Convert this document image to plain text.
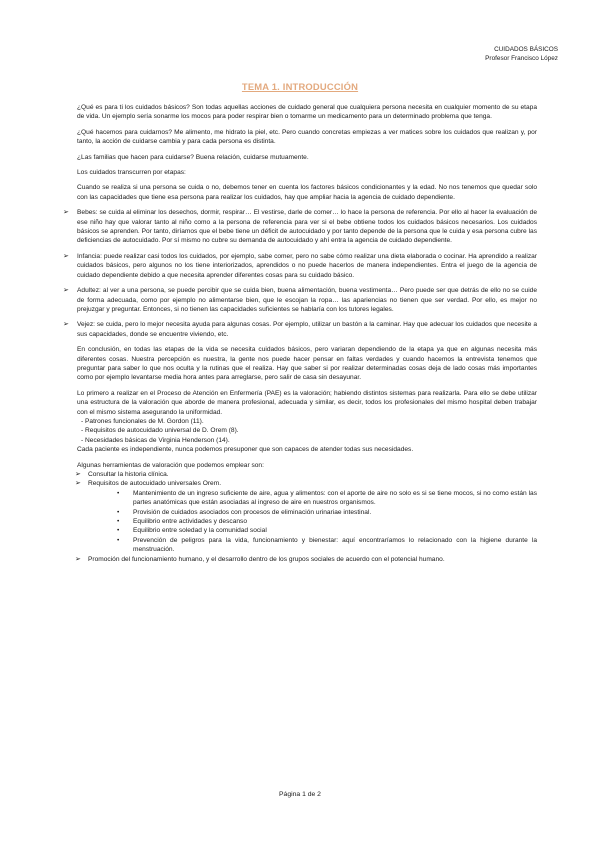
CUIDADOS BÁSICOS
Profesor Francisco López
TEMA 1. INTRODUCCIÓN

¿Qué es para ti los cuidados básicos? Son todas aquellas acciones de cuidado general que cualquiera persona necesita en cualquier momento de su etapa de vida. Un ejemplo sería sonarme los mocos para poder respirar bien o tomarme un medicamento para un determinado problema que tenga.

¿Qué hacemos para cuidarnos? Me alimento, me hidrato la piel, etc. Pero cuando concretas empiezas a ver matices sobre los cuidados que realizan y, por tanto, la acción de cuidarse cambia y para cada persona es distinta.

¿Las familias que hacen para cuidarse? Buena relación, cuidarse mutuamente.

Los cuidados transcurren por etapas:

Cuando se realiza si una persona se cuida o no, debemos tener en cuenta los factores básicos condicionantes y la edad. No nos tenemos que quedar solo con las capacidades que tiene esa persona para realizar los cuidados, hay que ampliar hacia la agencia de cuidado dependiente.

➢ Bebes: se cuida al eliminar los desechos, dormir, respirar… El vestirse, darle de comer… lo hace la persona de referencia. Por ello al hacer la evaluación de ese niño hay que valorar tanto al niño como a la persona de referencia para ver si el bebe obtiene todos los cuidados básicos necesarios. Los cuidados básicos se aprenden. Por tanto, diríamos que el bebe tiene un déficit de autocuidado y por tanto depende de la persona que le cuida y esa persona cubre las deficiencias de autocuidado. Por sí mismo no cubre su demanda de autocuidado y ahí entra la agencia de cuidado dependiente.
➢ Infancia: puede realizar casi todos los cuidados, por ejemplo, sabe comer, pero no sabe cómo realizar una dieta elaborada o cocinar. Ha aprendido a realizar cuidados básicos, pero algunos no los tiene interiorizados, aprendidos o no puede hacerlos de manera independientes. Entra el juego de la agencia de cuidado dependiente debido a que necesita aprender diferentes cosas para su cuidado básico.
➢ Adultez: al ver a una persona, se puede percibir que se cuida bien, buena alimentación, buena vestimenta… Pero puede ser que detrás de ello no se cuide de forma adecuada, como por ejemplo no alimentarse bien, que le escojan la ropa… las apariencias no tienen que ser verdad. Por ello, es mejor no prejuzgar y preguntar. Entonces, si no tienen las capacidades suficientes se hablaría con los tutores legales.
➢ Vejez: se cuida, pero lo mejor necesita ayuda para algunas cosas. Por ejemplo, utilizar un bastón a la caminar. Hay que adecuar los cuidados que necesite a sus capacidades, donde se encuentre viviendo, etc.

En conclusión, en todas las etapas de la vida se necesita cuidados básicos, pero variaran dependiendo de la etapa ya que en algunas necesita más diferentes cosas. Nuestra percepción es nuestra, la gente nos puede hacer pensar en faltas verdades y cuando hacemos la entrevista tenemos que preguntar para saber lo que nos oculta y la rutinas que el realiza. Hay que saber si por realizar determinadas cosas deja de lado cosas más importantes como por ejemplo levantarse media hora antes para arreglarse, pero salir de casa sin desayunar.

Lo primero a realizar en el Proceso de Atención en Enfermería (PAE) es la valoración; habiendo distintos sistemas para realizarla. Para ello se debe utilizar una estructura de la valoración que aborde de manera profesional, adecuada y similar, es decir, todos los profesionales del mismo hospital deben trabajar con el mismo sistema asegurando la uniformidad.

- Patrones funcionales de M. Gordon (11).
- Requisitos de autocuidado universal de D. Orem (8).
- Necesidades básicas de Virginia Henderson (14).

Cada paciente es independiente, nunca podemos presuponer que son capaces de atender todas sus necesidades.

Algunas herramientas de valoración que podemos emplear son:
➢ Consultar la historia clínica.
➢ Requisitos de autocuidado universales Orem.
• Mantenimiento de un ingreso suficiente de aire, agua y alimentos: con el aporte de aire no solo es si se tiene mocos, si no como están las partes anatómicas que están asociadas al ingreso de aire en nuestros organismos.
• Provisión de cuidados asociados con procesos de eliminación urinariae intestinal.
• Equilibrio entre actividades y descanso
• Equilibrio entre soledad y la comunidad social
• Prevención de peligros para la vida, funcionamiento y bienestar: aquí encontraríamos lo relacionado con la higiene durante la menstruación.
➢ Promoción del funcionamiento humano, y el desarrollo dentro de los grupos sociales de acuerdo con el potencial humano.
Página 1 de 2
